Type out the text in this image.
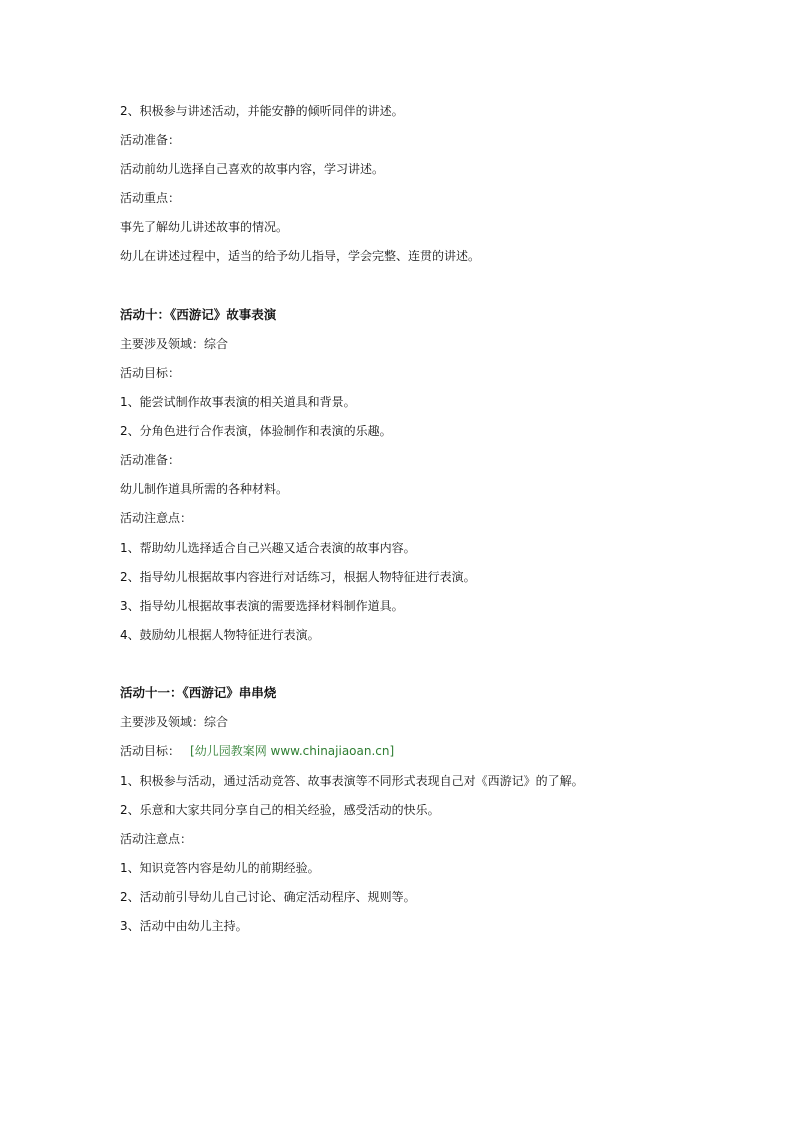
2、积极参与讲述活动，并能安静的倾听同伴的讲述。
活动准备：
活动前幼儿选择自己喜欢的故事内容，学习讲述。
活动重点：
事先了解幼儿讲述故事的情况。
幼儿在讲述过程中，适当的给予幼儿指导，学会完整、连贯的讲述。
活动十：《西游记》故事表演
主要涉及领域：综合
活动目标：
1、能尝试制作故事表演的相关道具和背景。
2、分角色进行合作表演，体验制作和表演的乐趣。
活动准备：
幼儿制作道具所需的各种材料。
活动注意点：
1、帮助幼儿选择适合自己兴趣又适合表演的故事内容。
2、指导幼儿根据故事内容进行对话练习，根据人物特征进行表演。
3、指导幼儿根据故事表演的需要选择材料制作道具。
4、鼓励幼儿根据人物特征进行表演。
活动十一：《西游记》串串烧
主要涉及领域：综合
活动目标： [幼儿园教案网 www.chinajiaoan.cn]
1、积极参与活动，通过活动竞答、故事表演等不同形式表现自己对《西游记》的了解。
2、乐意和大家共同分享自己的相关经验，感受活动的快乐。
活动注意点：
1、知识竞答内容是幼儿的前期经验。
2、活动前引导幼儿自己讨论、确定活动程序、规则等。
3、活动中由幼儿主持。
